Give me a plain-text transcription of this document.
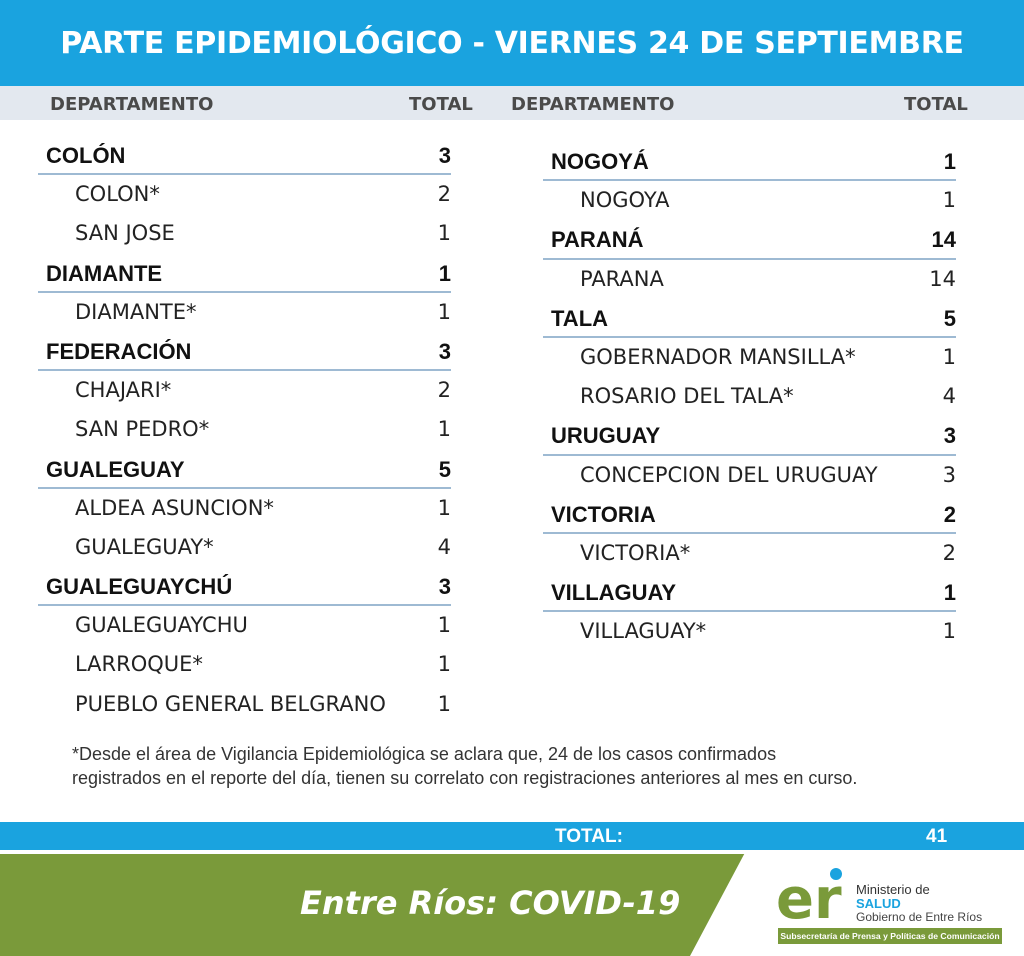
PARTE EPIDEMIOLÓGICO - VIERNES 24 DE SEPTIEMBRE
DEPARTAMENTO	TOTAL DEPARTAMENTO	TOTAL
COLÓN	3
COLON*	2
SAN JOSE	1
DIAMANTE	1
DIAMANTE*	1
FEDERACIÓN	3
CHAJARI*	2
SAN PEDRO*	1
GUALEGUAY	5
ALDEA ASUNCION*	1
GUALEGUAY*	4
GUALEGUAYCHÚ	3
GUALEGUAYCHU	1
LARROQUE*	1
PUEBLO GENERAL BELGRANO 1
NOGOYÁ	1
NOGOYA	1
PARANÁ	14
PARANA	14
TALA	5
GOBERNADOR MANSILLA*	1
ROSARIO DEL TALA*	4
URUGUAY	3
CONCEPCION DEL URUGUAY	3
VICTORIA	2
VICTORIA*	2
VILLAGUAY	1
VILLAGUAY*	1
*Desde el área de Vigilancia Epidemiológica se aclara que, 24 de los casos confirmados
registrados en el reporte del día, tienen su correlato con registraciones anteriores al mes en curso.
TOTAL:	41
Entre Ríos: COVID-19 er Ministerio de
SALUD
Gobierno de Entre Ríos
Subsecretaría de Prensa y Políticas de Comunicación
